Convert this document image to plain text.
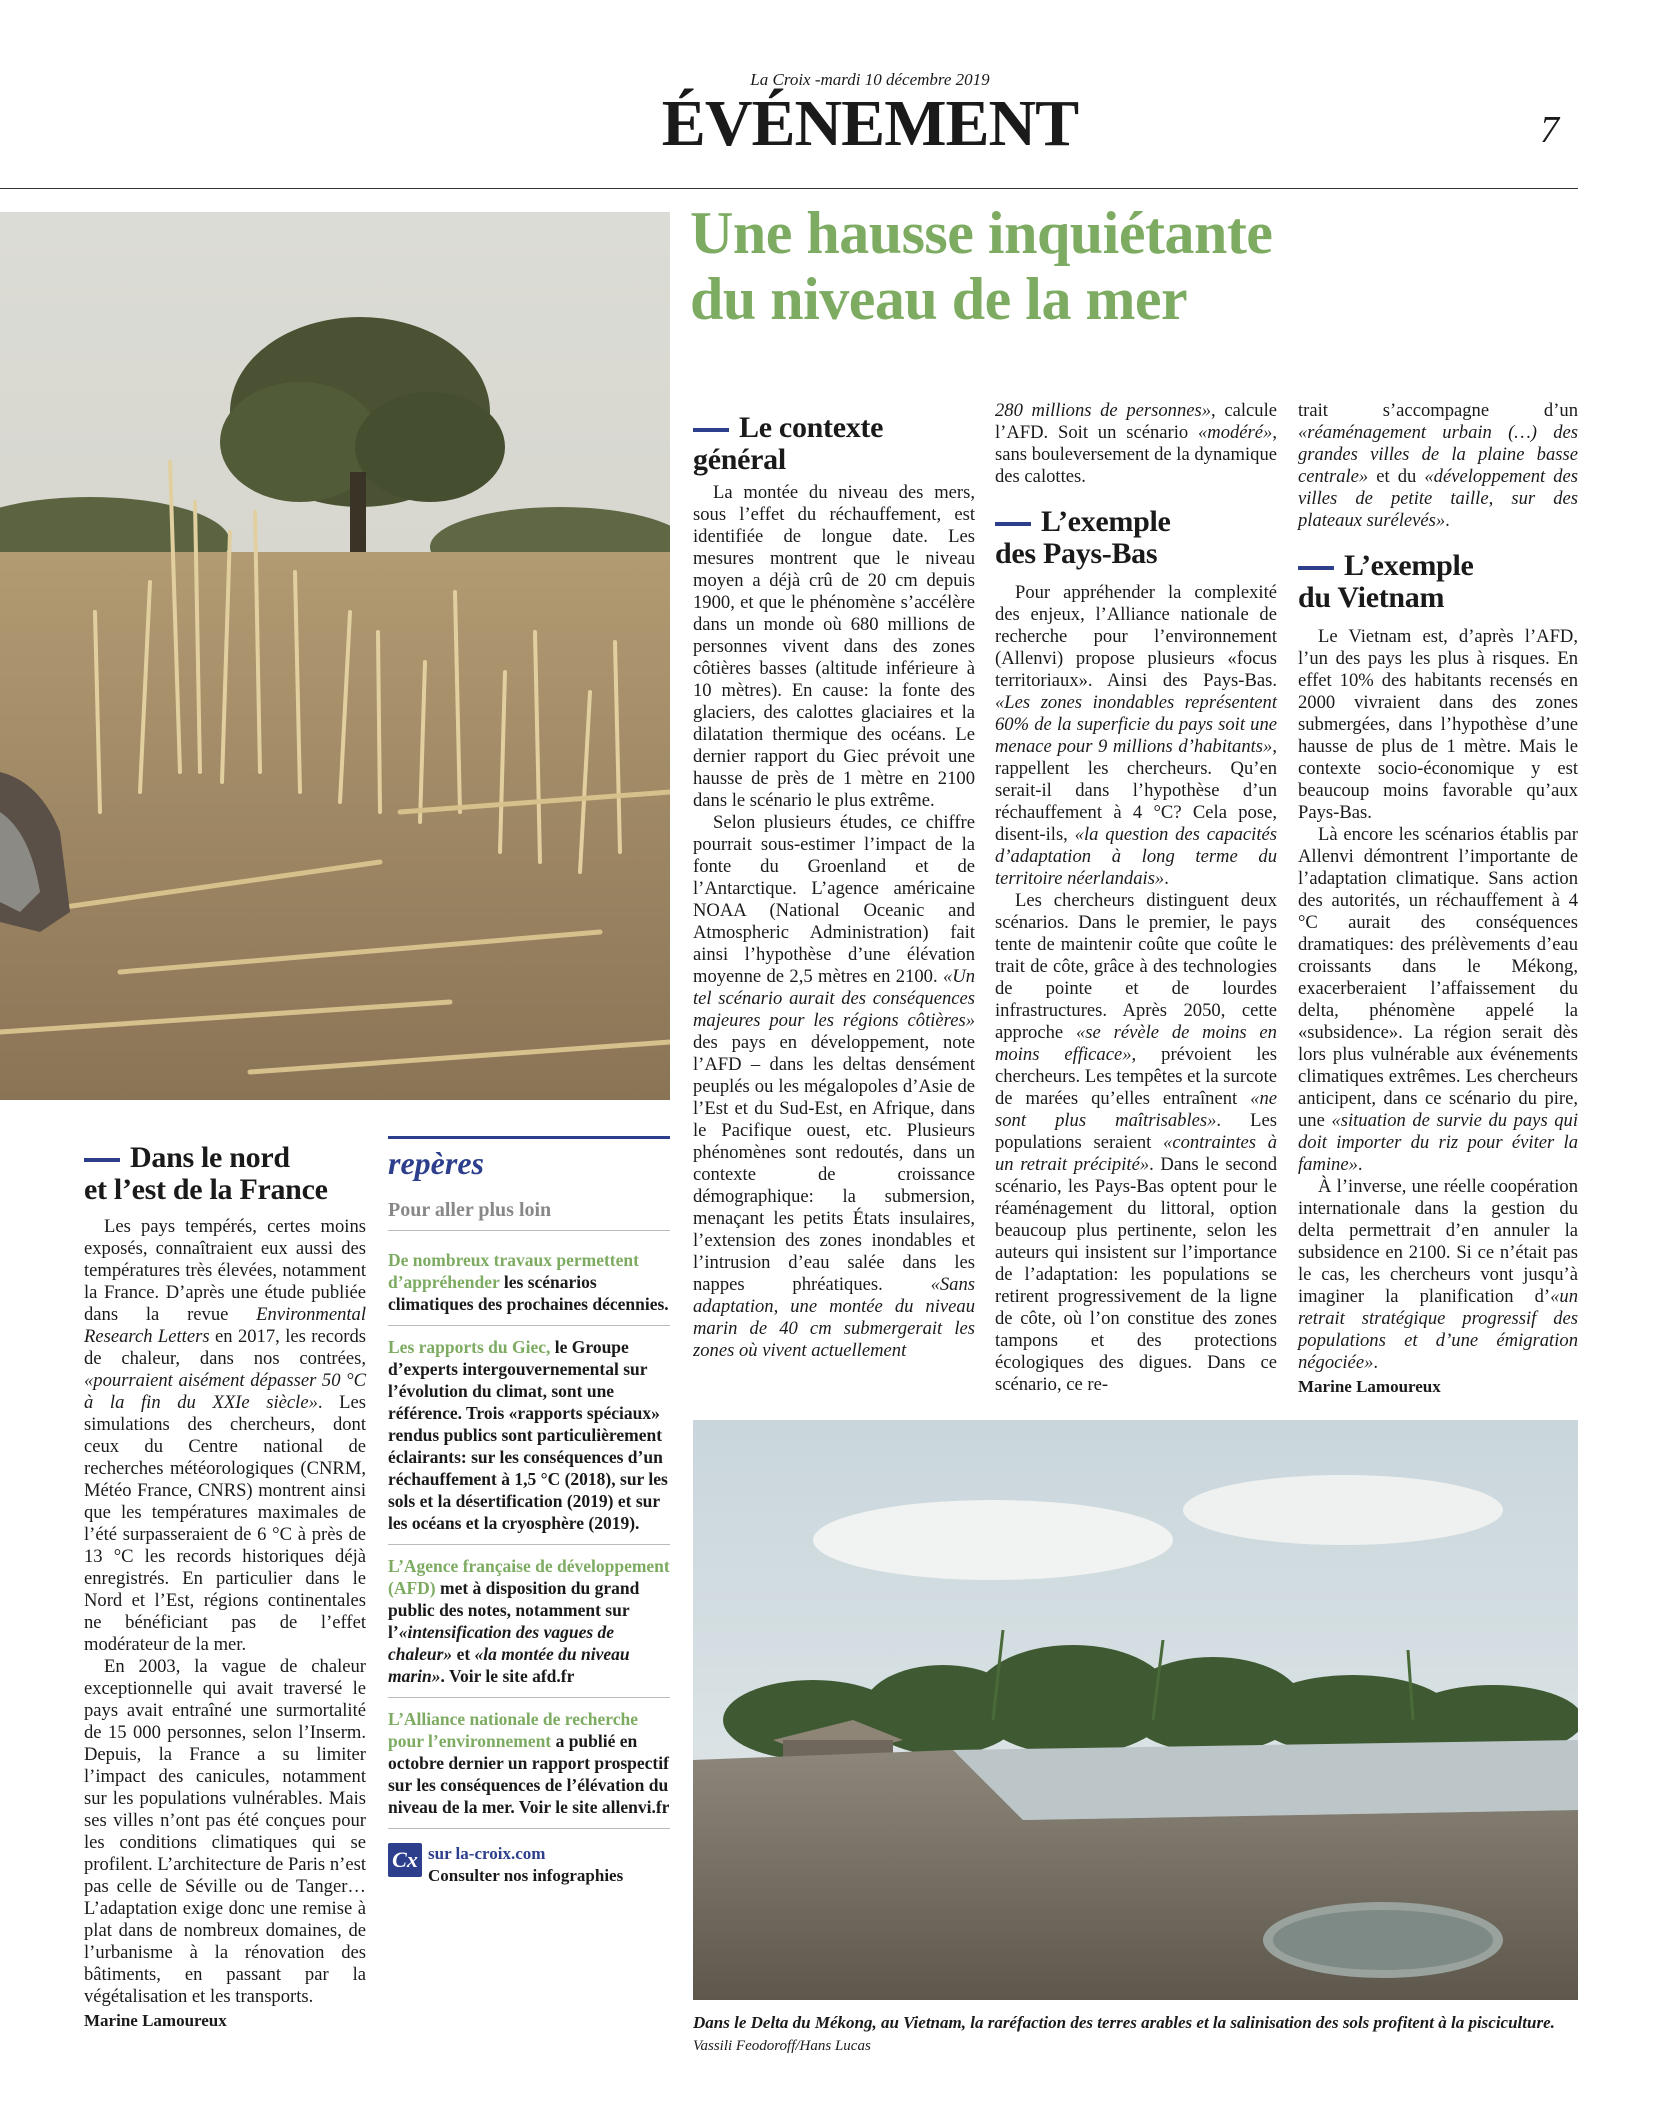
La Croix -mardi 10 décembre 2019
ÉVÉNEMENT	7
Une hausse inquiétante
du niveau de la mer
Le contexte
général

La montée du niveau des mers, sous l’effet du réchauffement, est identifiée de longue date. Les mesures montrent que le niveau moyen a déjà crû de 20 cm depuis 1900, et que le phénomène s’accélère dans un monde où 680 millions de personnes vivent dans des zones côtières basses (altitude inférieure à 10 mètres). En cause: la fonte des glaciers, des calottes glaciaires et la dilatation thermique des océans. Le dernier rapport du Giec prévoit une hausse de près de 1 mètre en 2100 dans le scénario le plus extrême.

Selon plusieurs études, ce chiffre pourrait sous-estimer l’impact de la fonte du Groenland et de l’Antarctique. L’agence américaine NOAA (National Oceanic and Atmospheric Administration) fait ainsi l’hypothèse d’une élévation moyenne de 2,5 mètres en 2100. «Un tel scénario aurait des conséquences majeures pour les régions côtières» des pays en développement, note l’AFD – dans les deltas densément peuplés ou les mégalopoles d’Asie de l’Est et du Sud-Est, en Afrique, dans le Pacifique ouest, etc. Plusieurs phénomènes sont redoutés, dans un contexte de croissance démographique: la submersion, menaçant les petits États insulaires, l’extension des zones inondables et l’intrusion d’eau salée dans les nappes phréatiques. «Sans adaptation, une montée du niveau marin de 40 cm submergerait les zones où vivent actuellement

280 millions de personnes», calcule l’AFD. Soit un scénario «modéré», sans bouleversement de la dynamique des calottes.

L’exemple
des Pays-Bas

Pour appréhender la complexité des enjeux, l’Alliance nationale de recherche pour l’environnement (Allenvi) propose plusieurs «focus territoriaux». Ainsi des Pays-Bas. «Les zones inondables représentent 60% de la superficie du pays soit une menace pour 9 millions d’habitants», rappellent les chercheurs. Qu’en serait-il dans l’hypothèse d’un réchauffement à 4 °C? Cela pose, disent-ils, «la question des capacités d’adaptation à long terme du territoire néerlandais».

Les chercheurs distinguent deux scénarios. Dans le premier, le pays tente de maintenir coûte que coûte le trait de côte, grâce à des technologies de pointe et de lourdes infrastructures. Après 2050, cette approche «se révèle de moins en moins efficace», prévoient les chercheurs. Les tempêtes et la surcote de marées qu’elles entraînent «ne sont plus maîtrisables». Les populations seraient «contraintes à un retrait précipité». Dans le second scénario, les Pays-Bas optent pour le réaménagement du littoral, option beaucoup plus pertinente, selon les auteurs qui insistent sur l’importance de l’adaptation: les populations se retirent progressivement de la ligne de côte, où l’on constitue des zones tampons et des protections écologiques des digues. Dans ce scénario, ce re-

trait s’accompagne d’un «réaménagement urbain (…) des grandes villes de la plaine basse centrale» et du «développement des villes de petite taille, sur des plateaux surélevés».

L’exemple
du Vietnam

Le Vietnam est, d’après l’AFD, l’un des pays les plus à risques. En effet 10% des habitants recensés en 2000 vivraient dans des zones submergées, dans l’hypothèse d’une hausse de plus de 1 mètre. Mais le contexte socio-économique y est beaucoup moins favorable qu’aux Pays-Bas.

Là encore les scénarios établis par Allenvi démontrent l’importante de l’adaptation climatique. Sans action des autorités, un réchauffement à 4 °C aurait des conséquences dramatiques: des prélèvements d’eau croissants dans le Mékong, exacerberaient l’affaissement du delta, phénomène appelé la «subsidence». La région serait dès lors plus vulnérable aux événements climatiques extrêmes. Les chercheurs anticipent, dans ce scénario du pire, une «situation de survie du pays qui doit importer du riz pour éviter la famine».

À l’inverse, une réelle coopération internationale dans la gestion du delta permettrait d’en annuler la subsidence en 2100. Si ce n’était pas le cas, les chercheurs vont jusqu’à imaginer la planification d’«un retrait stratégique progressif des populations et d’une émigration négociée».

Marine Lamoureux
Dans le nord
et l’est de la France

Les pays tempérés, certes moins exposés, connaîtraient eux aussi des températures très élevées, notamment la France. D’après une étude publiée dans la revue Environmental Research Letters en 2017, les records de chaleur, dans nos contrées, «pourraient aisément dépasser 50 °C à la fin du XXIe siècle». Les simulations des chercheurs, dont ceux du Centre national de recherches météorologiques (CNRM, Météo France, CNRS) montrent ainsi que les températures maximales de l’été surpasseraient de 6 °C à près de 13 °C les records historiques déjà enregistrés. En particulier dans le Nord et l’Est, régions continentales ne bénéficiant pas de l’effet modérateur de la mer.

En 2003, la vague de chaleur exceptionnelle qui avait traversé le pays avait entraîné une surmortalité de 15 000 personnes, selon l’Inserm. Depuis, la France a su limiter l’impact des canicules, notamment sur les populations vulnérables. Mais ses villes n’ont pas été conçues pour les conditions climatiques qui se profilent. L’architecture de Paris n’est pas celle de Séville ou de Tanger… L’adaptation exige donc une remise à plat dans de nombreux domaines, de l’urbanisme à la rénovation des bâtiments, en passant par la végétalisation et les transports.

Marine Lamoureux
repères
Pour aller plus loin

De nombreux travaux permettent d’appréhender les scénarios climatiques des prochaines décennies.

Les rapports du Giec, le Groupe d’experts intergouvernemental sur l’évolution du climat, sont une référence. Trois «rapports spéciaux» rendus publics sont particulièrement éclairants: sur les conséquences d’un réchauffement à 1,5 °C (2018), sur les sols et la désertification (2019) et sur les océans et la cryosphère (2019).

L’Agence française de développement (AFD) met à disposition du grand public des notes, notamment sur l’«intensification des vagues de chaleur» et «la montée du niveau marin». Voir le site afd.fr

L’Alliance nationale de recherche pour l’environnement a publié en octobre dernier un rapport prospectif sur les conséquences de l’élévation du niveau de la mer. Voir le site allenvi.fr

Cx sur la-croix.com
Consulter nos infographies
Dans le Delta du Mékong, au Vietnam, la raréfaction des terres arables et la salinisation des sols profitent à la pisciculture. Vassili Feodoroff/Hans Lucas
